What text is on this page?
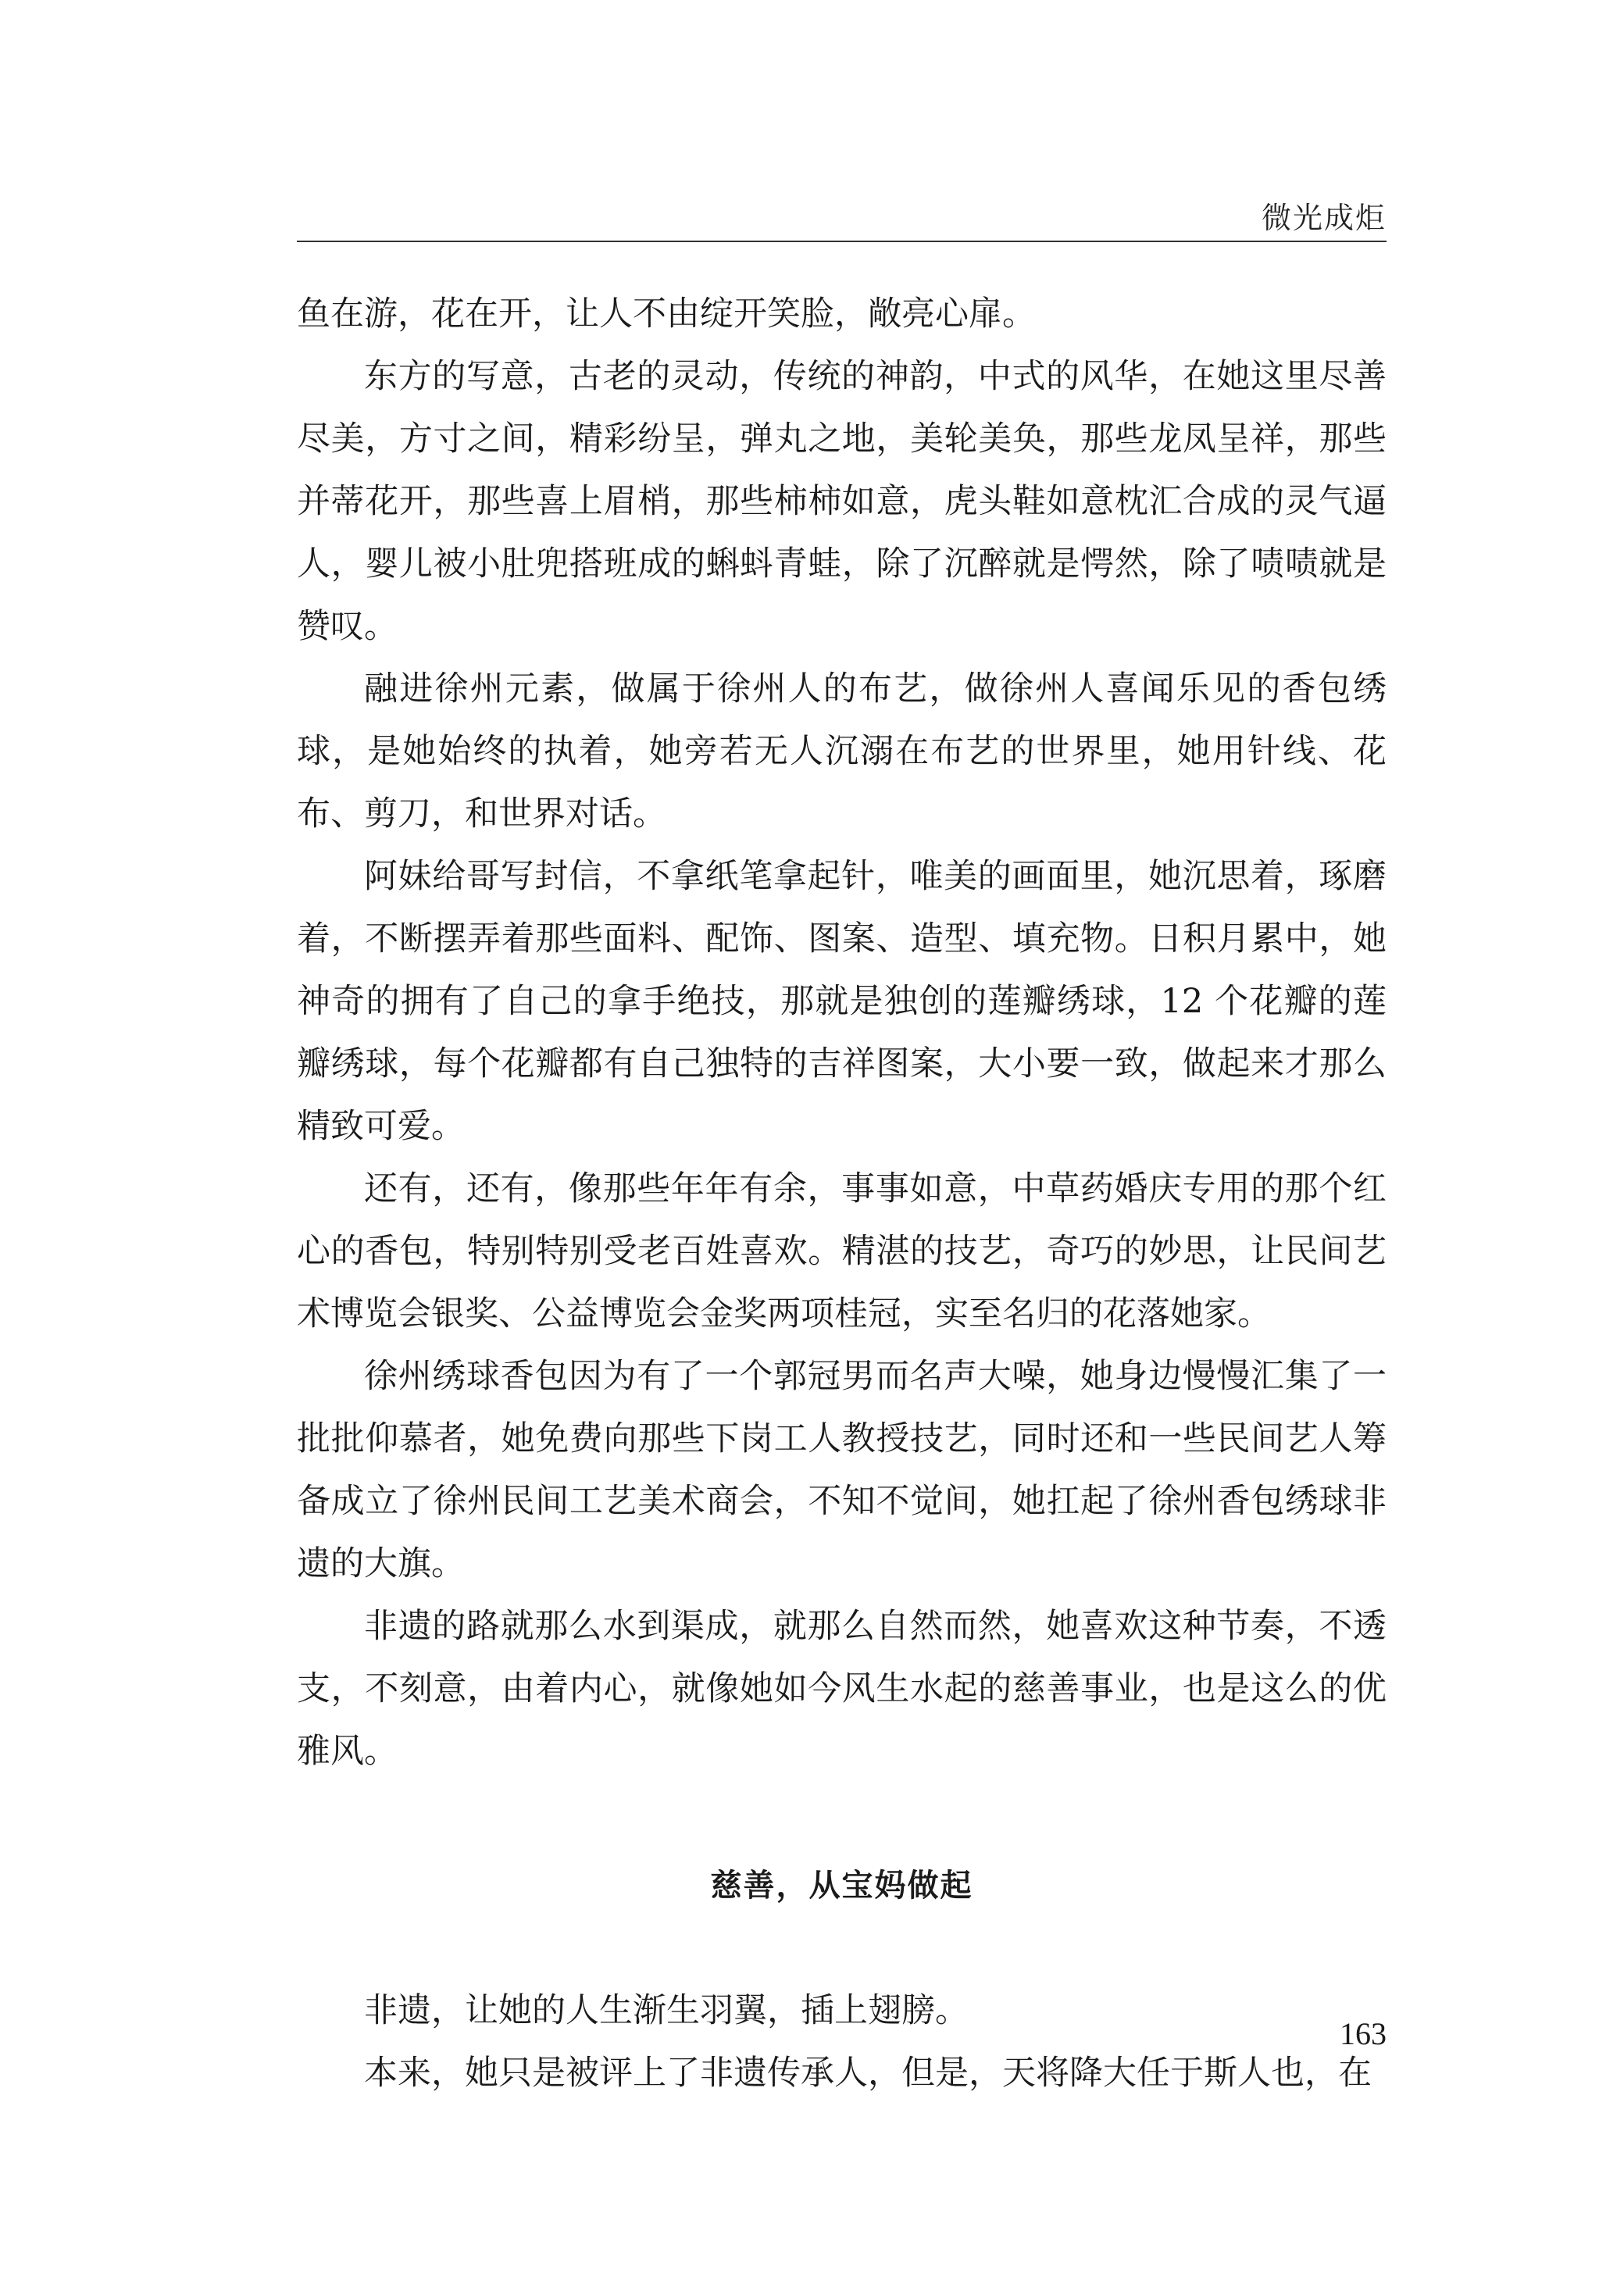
微光成炬

鱼在游，花在开，让人不由绽开笑脸，敞亮心扉。

东方的写意，古老的灵动，传统的神韵，中式的风华，在她这里尽善尽美，方寸之间，精彩纷呈，弹丸之地，美轮美奂，那些龙凤呈祥，那些并蒂花开，那些喜上眉梢，那些柿柿如意，虎头鞋如意枕汇合成的灵气逼人，婴儿被小肚兜搭班成的蝌蚪青蛙，除了沉醉就是愕然，除了啧啧就是赞叹。

融进徐州元素，做属于徐州人的布艺，做徐州人喜闻乐见的香包绣球，是她始终的执着，她旁若无人沉溺在布艺的世界里，她用针线、花布、剪刀，和世界对话。

阿妹给哥写封信，不拿纸笔拿起针，唯美的画面里，她沉思着，琢磨着，不断摆弄着那些面料、配饰、图案、造型、填充物。日积月累中，她神奇的拥有了自己的拿手绝技，那就是独创的莲瓣绣球，12 个花瓣的莲瓣绣球，每个花瓣都有自己独特的吉祥图案，大小要一致，做起来才那么精致可爱。

还有，还有，像那些年年有余，事事如意，中草药婚庆专用的那个红心的香包，特别特别受老百姓喜欢。精湛的技艺，奇巧的妙思，让民间艺术博览会银奖、公益博览会金奖两项桂冠，实至名归的花落她家。

徐州绣球香包因为有了一个郭冠男而名声大噪，她身边慢慢汇集了一批批仰慕者，她免费向那些下岗工人教授技艺，同时还和一些民间艺人筹备成立了徐州民间工艺美术商会，不知不觉间，她扛起了徐州香包绣球非遗的大旗。

非遗的路就那么水到渠成，就那么自然而然，她喜欢这种节奏，不透支，不刻意，由着内心，就像她如今风生水起的慈善事业，也是这么的优雅风。

慈善，从宝妈做起

非遗，让她的人生渐生羽翼，插上翅膀。

本来，她只是被评上了非遗传承人，但是，天将降大任于斯人也，在

163
